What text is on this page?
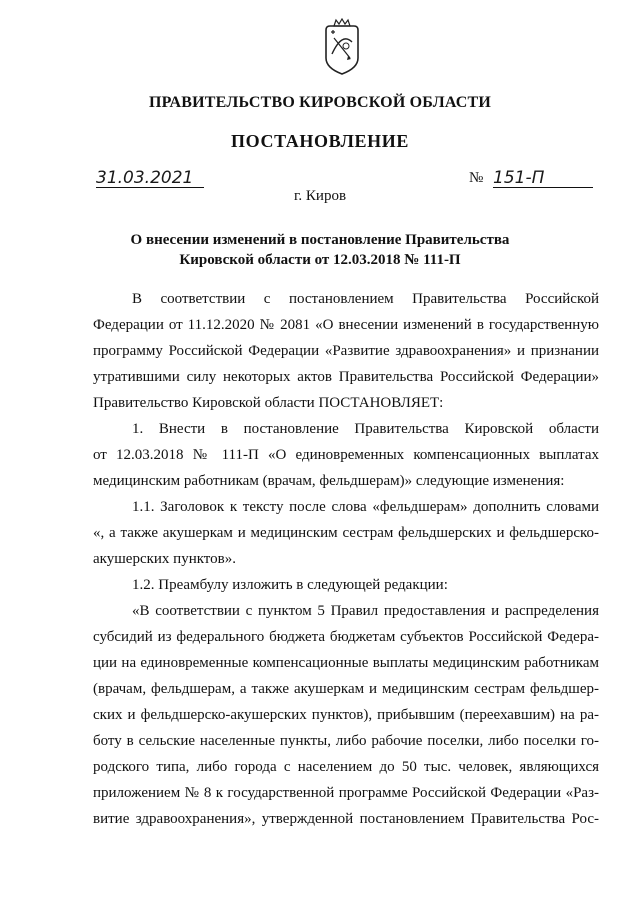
ПРАВИТЕЛЬСТВО КИРОВСКОЙ ОБЛАСТИ
ПОСТАНОВЛЕНИЕ
31.03.2021	№ 151-П
г. Киров
О внесении изменений в постановление Правительства
Кировской области от 12.03.2018 № 111-П
В соответствии с постановлением Правительства Российской
Федерации от 11.12.2020 № 2081 «О внесении изменений в государственную
программу Российской Федерации «Развитие здравоохранения» и признании
утратившими силу некоторых актов Правительства Российской Федерации»
Правительство Кировской области ПОСТАНОВЛЯЕТ:
1. Внести в постановление Правительства Кировской области
от 12.03.2018 № 111-П «О единовременных компенсационных выплатах
медицинским работникам (врачам, фельдшерам)» следующие изменения:
1.1. Заголовок к тексту после слова «фельдшерам» дополнить словами
«, а также акушеркам и медицинским сестрам фельдшерских и фельдшерско-
акушерских пунктов».
1.2. Преамбулу изложить в следующей редакции:
«В соответствии с пунктом 5 Правил предоставления и распределения
субсидий из федерального бюджета бюджетам субъектов Российской Федера-
ции на единовременные компенсационные выплаты медицинским работникам
(врачам, фельдшерам, а также акушеркам и медицинским сестрам фельдшер-
ских и фельдшерско-акушерских пунктов), прибывшим (переехавшим) на ра-
боту в сельские населенные пункты, либо рабочие поселки, либо поселки го-
родского типа, либо города с населением до 50 тыс. человек, являющихся
приложением № 8 к государственной программе Российской Федерации «Раз-
витие здравоохранения», утвержденной постановлением Правительства Рос-
